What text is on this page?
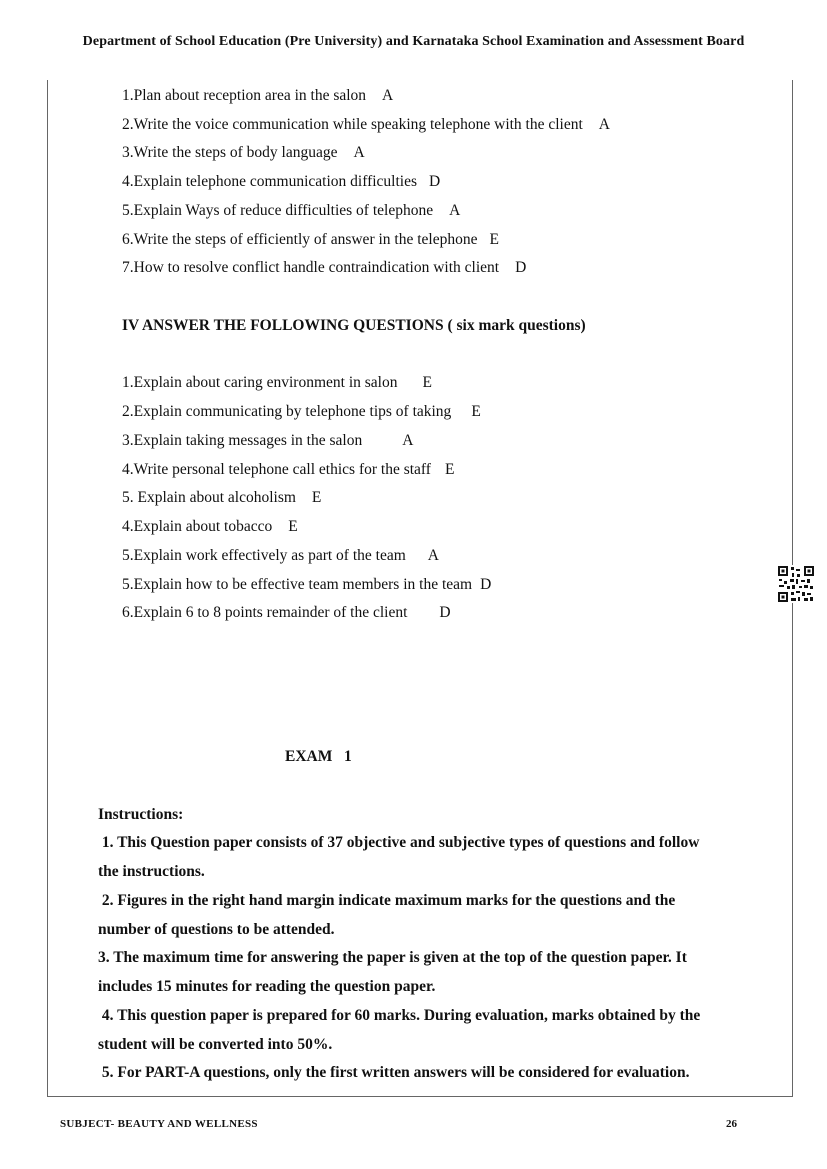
Department of School Education (Pre University) and Karnataka School Examination and Assessment Board
1.Plan about reception area in the salon A
2.Write the voice communication while speaking telephone with the client A
3.Write the steps of body language A
4.Explain telephone communication difficulties D
5.Explain Ways of reduce difficulties of telephone A
6.Write the steps of efficiently of answer in the telephone E
7.How to resolve conflict handle contraindication with client D
IV ANSWER THE FOLLOWING QUESTIONS ( six mark questions)
1.Explain about caring environment in salon E
2.Explain communicating by telephone tips of taking E
3.Explain taking messages in the salon	A
4.Write personal telephone call ethics for the staff E
5. Explain about alcoholism E
4.Explain about tobacco E
5.Explain work effectively as part of the team A
5.Explain how to be effective team members in the team D
6.Explain 6 to 8 points remainder of the client D
EXAM   1
Instructions:
1. This Question paper consists of 37 objective and subjective types of questions and follow
the instructions.
2. Figures in the right hand margin indicate maximum marks for the questions and the
number of questions to be attended.
3. The maximum time for answering the paper is given at the top of the question paper. It
includes 15 minutes for reading the question paper.
4. This question paper is prepared for 60 marks. During evaluation, marks obtained by the
student will be converted into 50%.
5. For PART-A questions, only the first written answers will be considered for evaluation.
SUBJECT- BEAUTY AND WELLNESS	26
